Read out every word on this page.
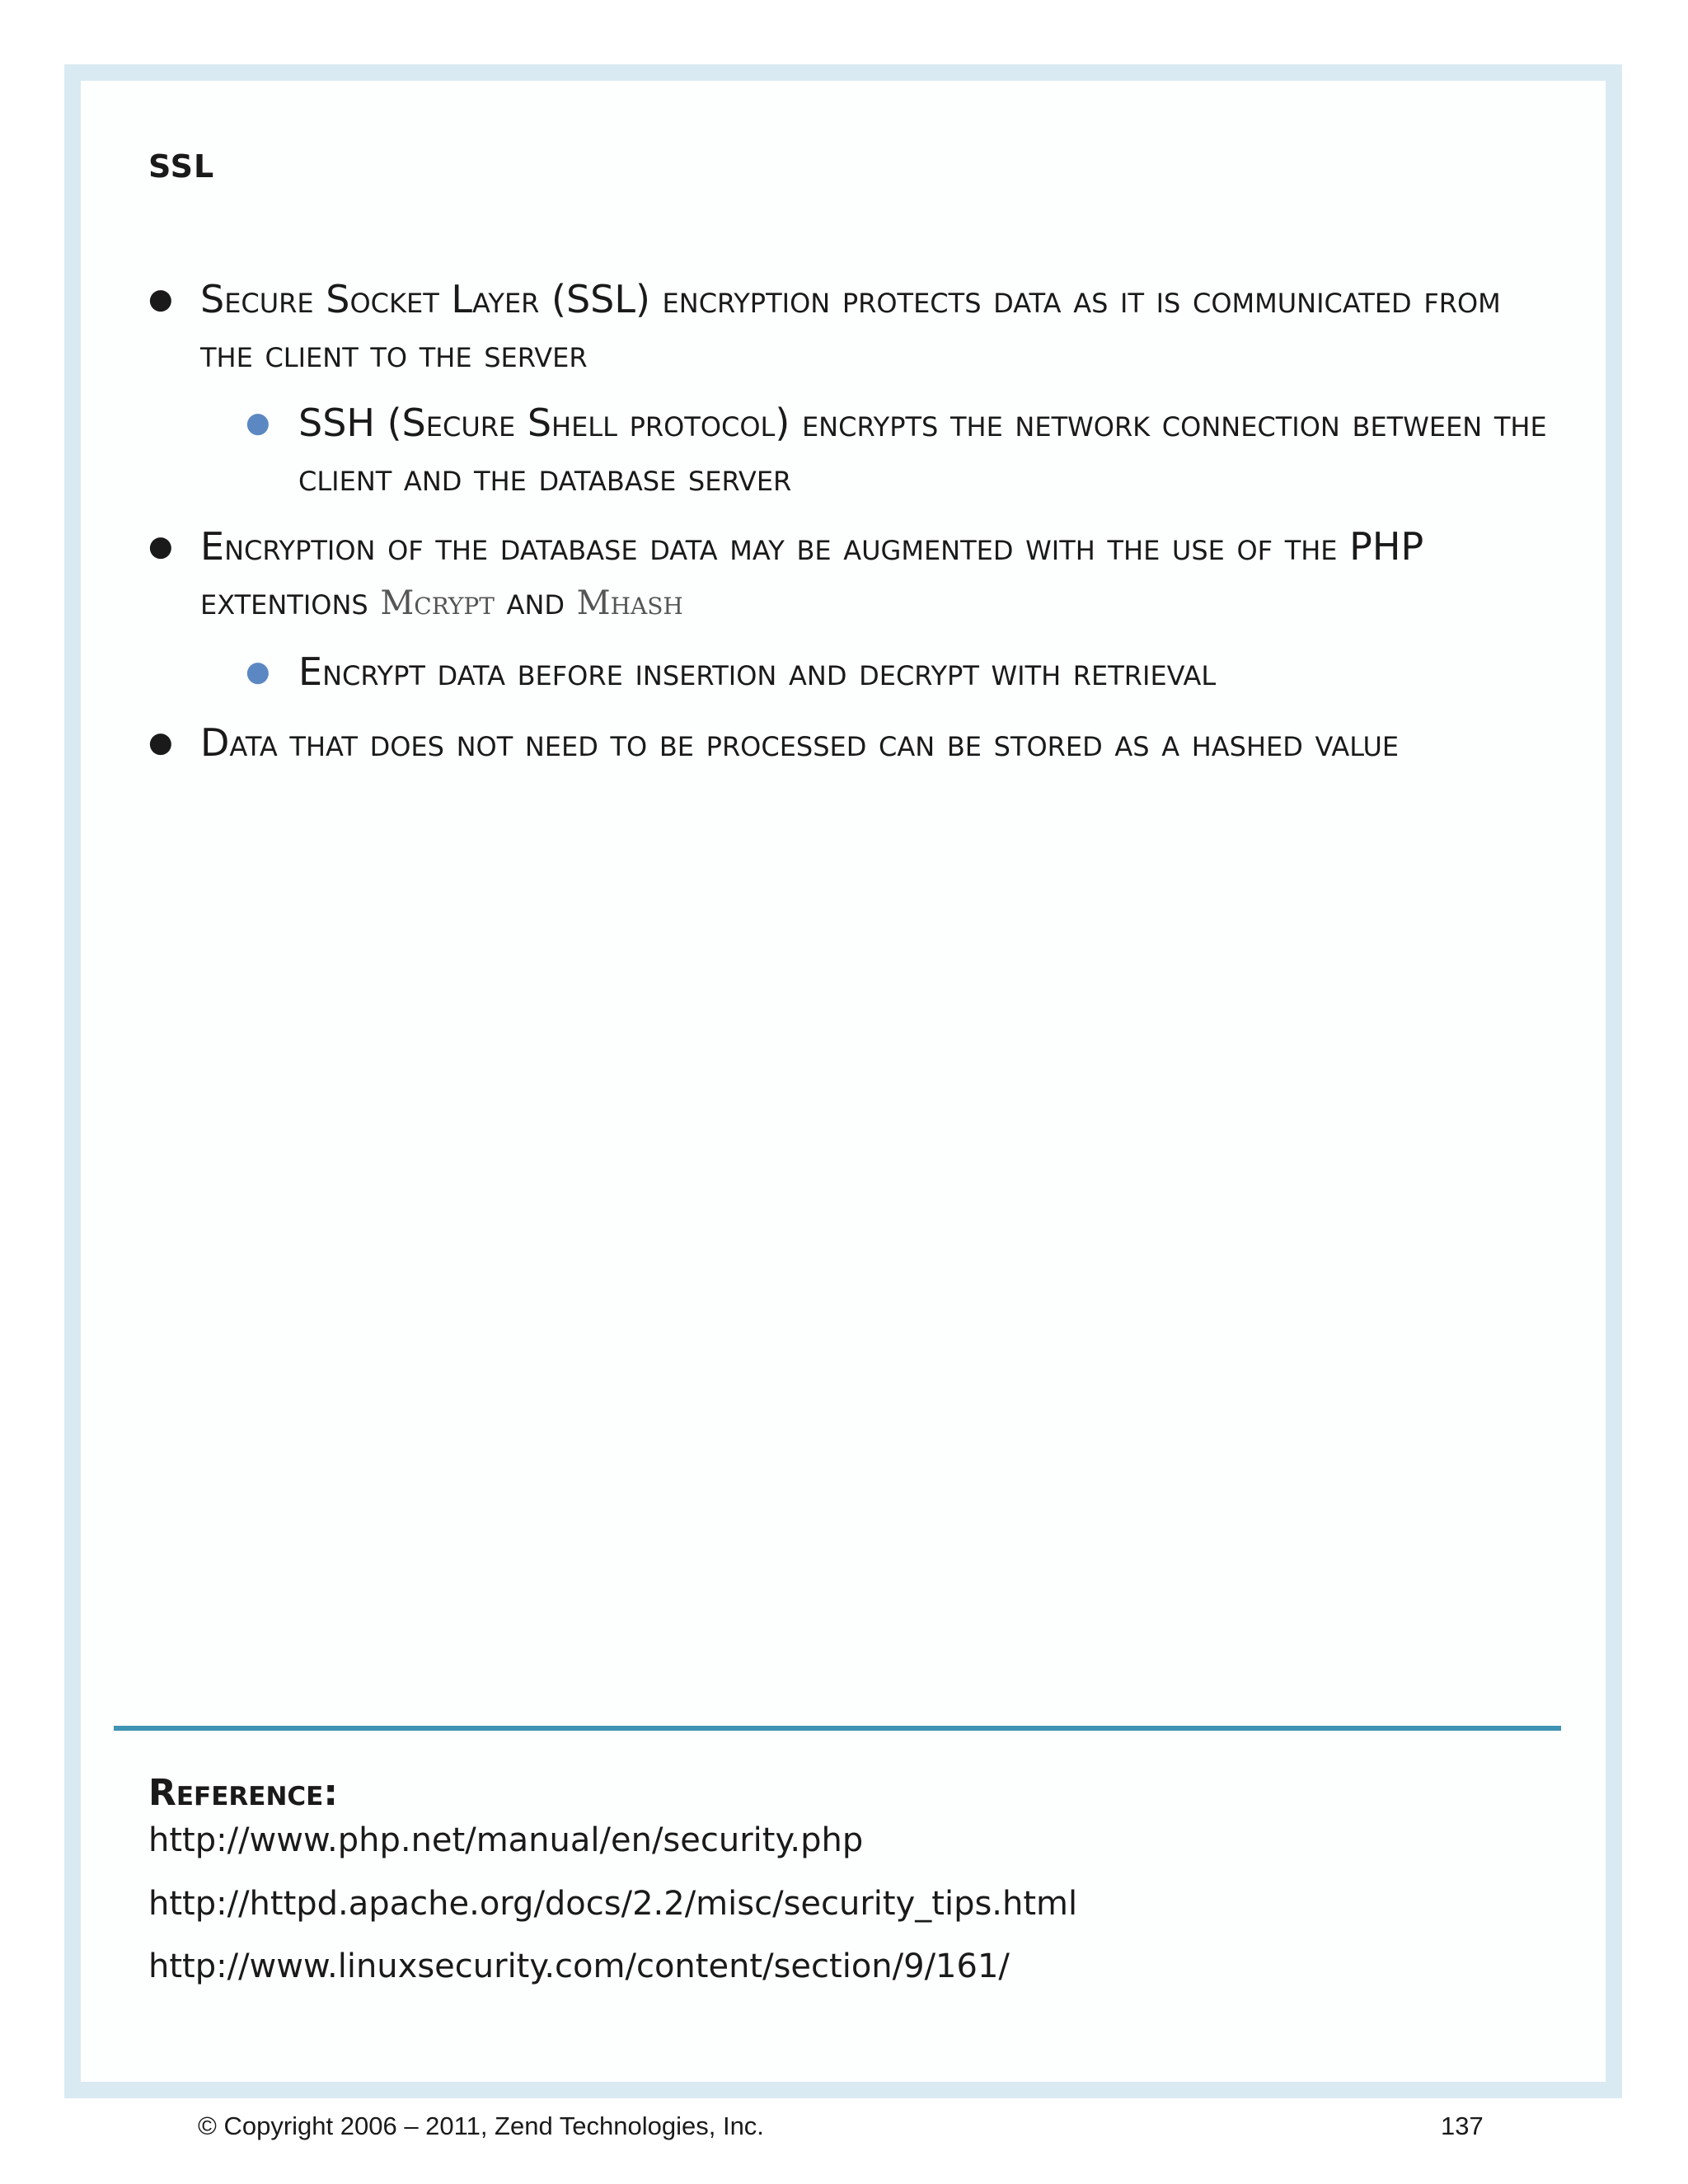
SSL
● Secure Socket Layer (SSL) encryption protects data as it is communicated from the client to the server
● SSH (Secure Shell protocol) encrypts the network connection between the client and the database server
● Encryption of the database data may be augmented with the use of the PHP extentions Mcrypt and Mhash
● Encrypt data before insertion and decrypt with retrieval
● Data that does not need to be processed can be stored as a hashed value
Reference:
http://www.php.net/manual/en/security.php
http://httpd.apache.org/docs/2.2/misc/security_tips.html
http://www.linuxsecurity.com/content/section/9/161/
© Copyright 2006 – 2011, Zend Technologies, Inc.	137
